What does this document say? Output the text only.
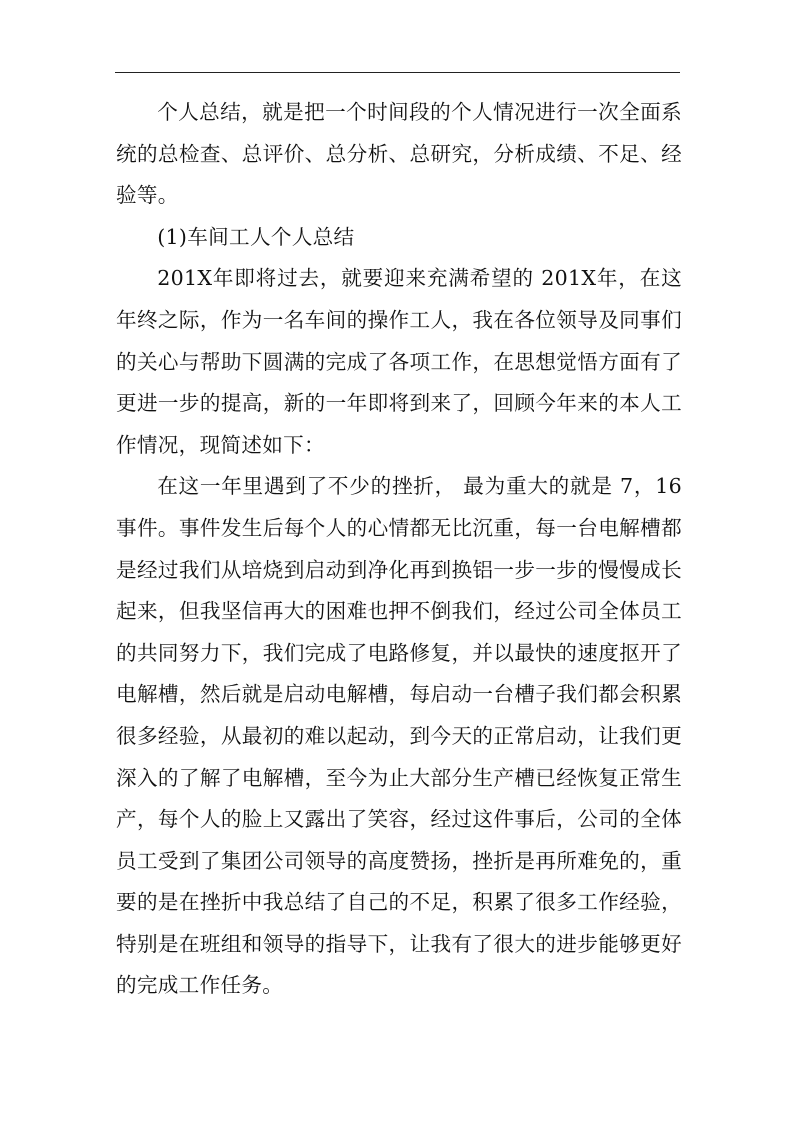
个人总结，就是把一个时间段的个人情况进行一次全面系统的总检查、总评价、总分析、总研究，分析成绩、不足、经验等。

(1)车间工人个人总结

201X年即将过去，就要迎来充满希望的 201X年，在这年终之际，作为一名车间的操作工人，我在各位领导及同事们的关心与帮助下圆满的完成了各项工作，在思想觉悟方面有了更进一步的提高，新的一年即将到来了，回顾今年来的本人工作情况，现简述如下：

在这一年里遇到了不少的挫折， 最为重大的就是 7，16事件。事件发生后每个人的心情都无比沉重，每一台电解槽都是经过我们从培烧到启动到净化再到换铝一步一步的慢慢成长起来，但我坚信再大的困难也押不倒我们，经过公司全体员工的共同努力下，我们完成了电路修复，并以最快的速度抠开了电解槽，然后就是启动电解槽，每启动一台槽子我们都会积累很多经验，从最初的难以起动，到今天的正常启动，让我们更深入的了解了电解槽，至今为止大部分生产槽已经恢复正常生产，每个人的脸上又露出了笑容，经过这件事后，公司的全体员工受到了集团公司领导的高度赞扬，挫折是再所难免的，重要的是在挫折中我总结了自己的不足，积累了很多工作经验，特别是在班组和领导的指导下，让我有了很大的进步能够更好的完成工作任务。
